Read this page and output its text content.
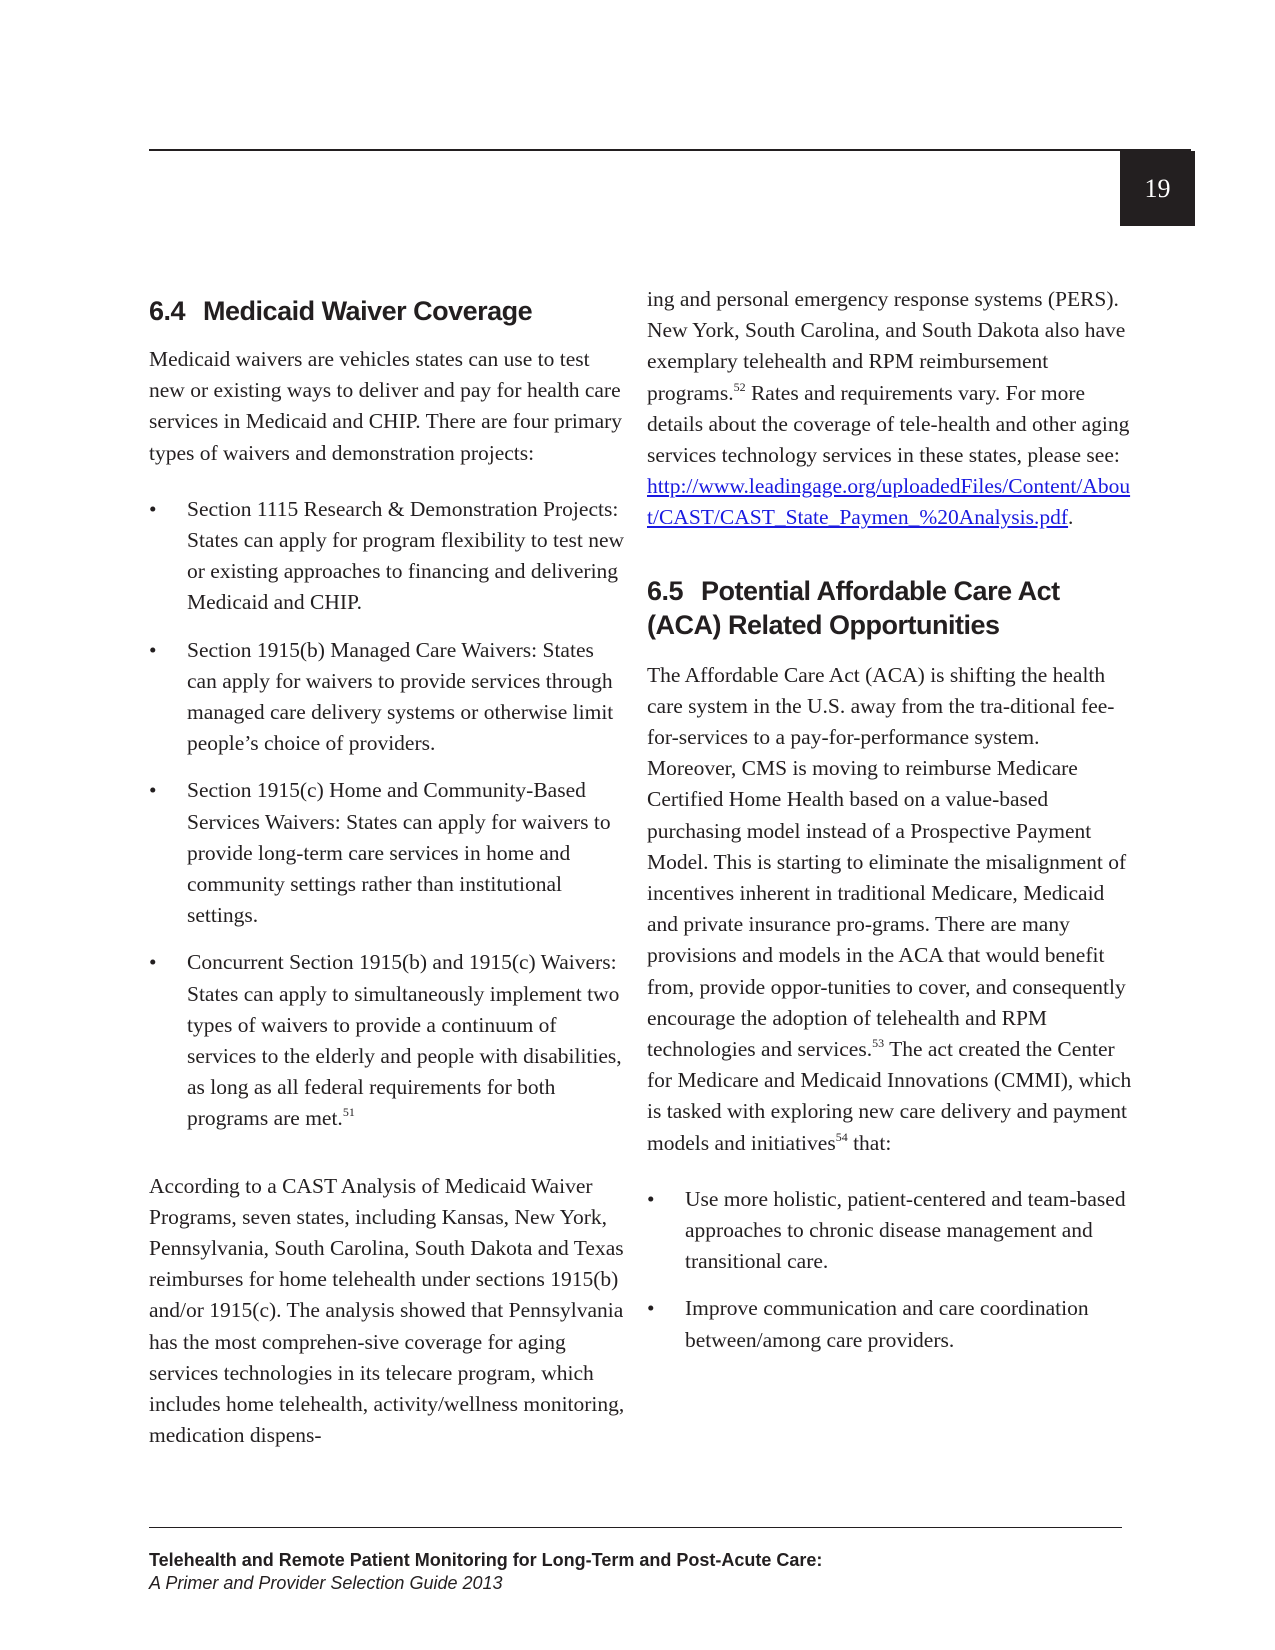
19
6.4 Medicaid Waiver Coverage

Medicaid waivers are vehicles states can use to test new or existing ways to deliver and pay for health care services in Medicaid and CHIP. There are four primary types of waivers and demonstration projects:

• Section 1115 Research & Demonstration Projects: States can apply for program flexibility to test new or existing approaches to financing and delivering Medicaid and CHIP.
• Section 1915(b) Managed Care Waivers: States can apply for waivers to provide services through managed care delivery systems or otherwise limit people’s choice of providers.
• Section 1915(c) Home and Community-Based Services Waivers: States can apply for waivers to provide long-term care services in home and community settings rather than institutional settings.
• Concurrent Section 1915(b) and 1915(c) Waivers: States can apply to simultaneously implement two types of waivers to provide a continuum of services to the elderly and people with disabilities, as long as all federal requirements for both programs are met.$^{51}$

According to a CAST Analysis of Medicaid Waiver Programs, seven states, including Kansas, New York, Pennsylvania, South Carolina, South Dakota and Texas reimburses for home telehealth under sections 1915(b) and/or 1915(c). The analysis showed that Pennsylvania has the most comprehen-sive coverage for aging services technologies in its telecare program, which includes home telehealth, activity/wellness monitoring, medication dispens-

ing and personal emergency response systems (PERS). New York, South Carolina, and South Dakota also have exemplary telehealth and RPM reimbursement programs.$^{52}$ Rates and requirements vary. For more details about the coverage of tele-health and other aging services technology services in these states, please see: http://www.leadingage.org/uploadedFiles/Content/About/CAST/CAST_State_Paymen_%20Analysis.pdf.

6.5 Potential Affordable Care Act (ACA) Related Opportunities

The Affordable Care Act (ACA) is shifting the health care system in the U.S. away from the tra-ditional fee-for-services to a pay-for-performance system. Moreover, CMS is moving to reimburse Medicare Certified Home Health based on a value-based purchasing model instead of a Prospective Payment Model. This is starting to eliminate the misalignment of incentives inherent in traditional Medicare, Medicaid and private insurance pro-grams. There are many provisions and models in the ACA that would benefit from, provide oppor-tunities to cover, and consequently encourage the adoption of telehealth and RPM technologies and services.$^{53}$ The act created the Center for Medicare and Medicaid Innovations (CMMI), which is tasked with exploring new care delivery and payment models and initiatives$^{54}$ that:

• Use more holistic, patient-centered and team-based approaches to chronic disease management and transitional care.
• Improve communication and care coordination between/among care providers.
Telehealth and Remote Patient Monitoring for Long-Term and Post-Acute Care:
A Primer and Provider Selection Guide 2013
